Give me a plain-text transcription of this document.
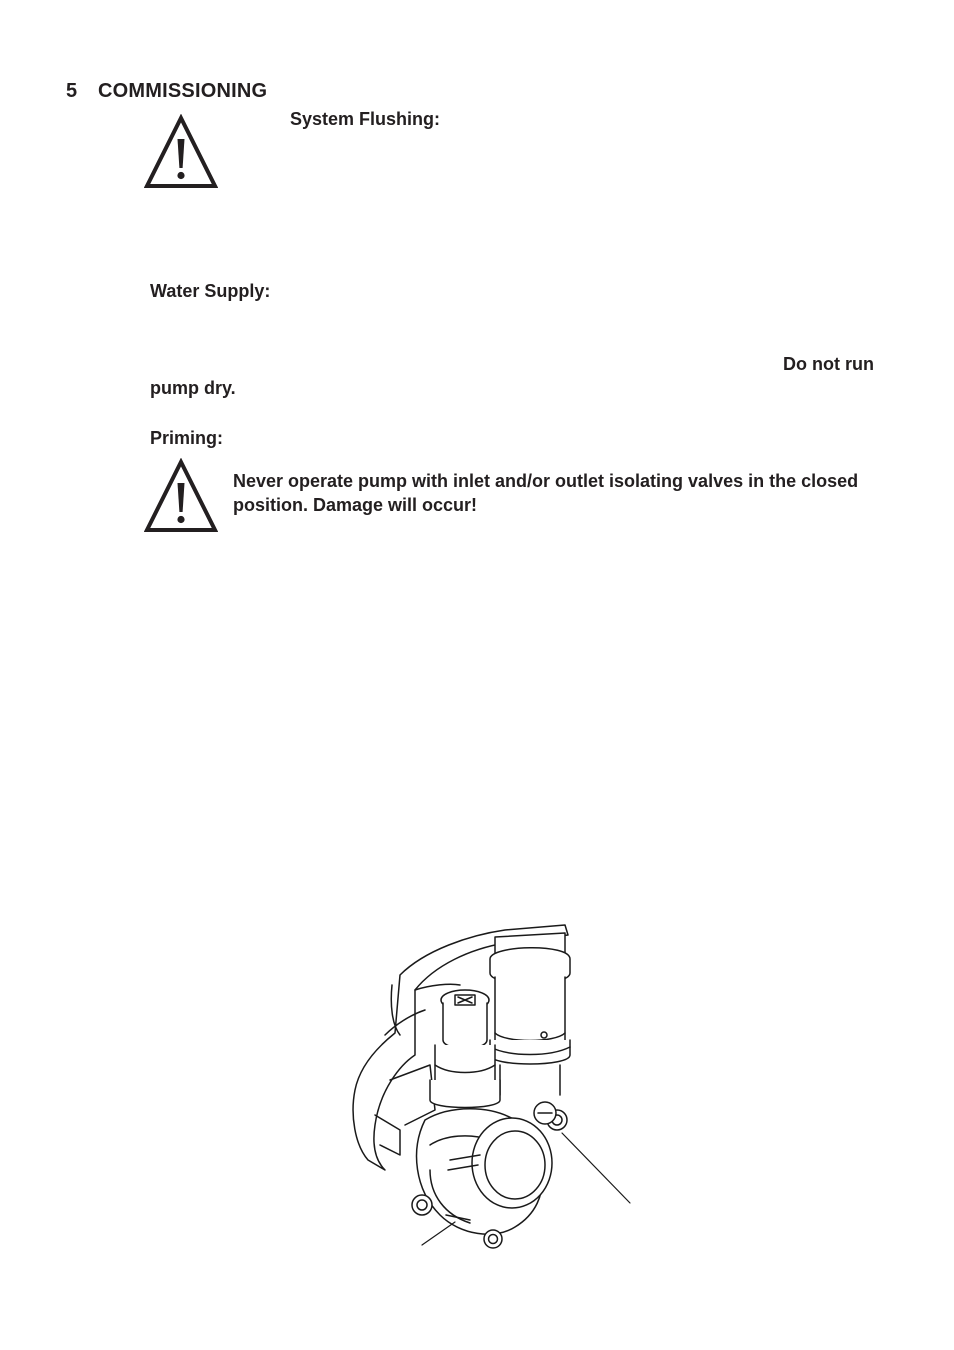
5 COMMISSIONING
System Flushing:
Water Supply:
Do not run
pump dry.
Priming:
Never operate pump with inlet and/or outlet isolating valves in the closed position. Damage will occur!
